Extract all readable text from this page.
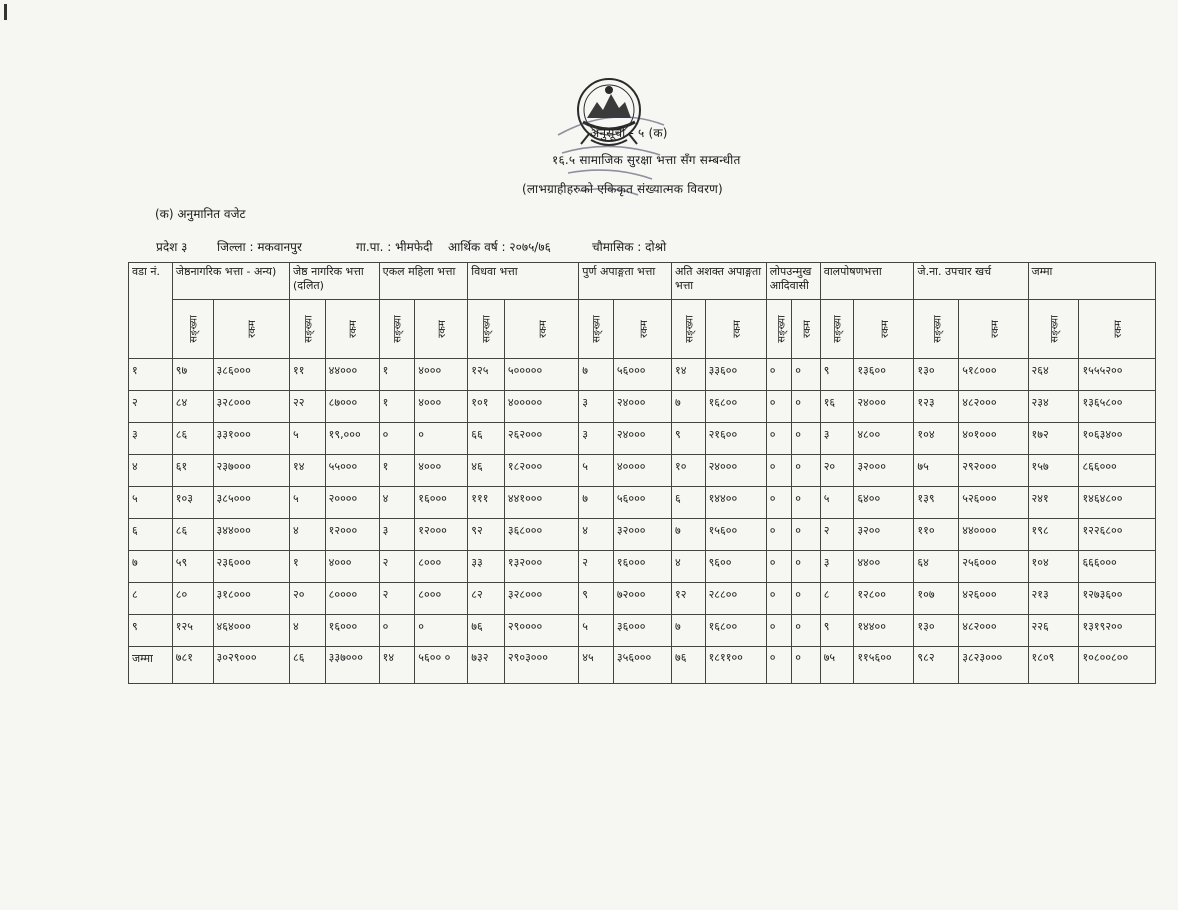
अनुसूची - ५ (क)
१६.५ सामाजिक सुरक्षा भत्ता सँग सम्बन्धीत
(लाभग्राहीहरुको एकिकृत संख्यात्मक विवरण)
(क) अनुमानित वजेट
प्रदेश ३ जिल्ला : मकवानपुर	गा.पा. : भीमफेदी आर्थिक वर्ष : २०७५/७६	चौमासिक : दोश्रो
वडा नं.	जेष्ठनागरिक भत्ता - अन्य)		जेष्ठ नागरिक भत्ता (दलित)		एकल महिला भत्ता		विधवा भत्ता		पुर्ण अपाङ्गता भत्ता		अति अशक्त अपाङ्गता भत्ता		लोपउन्मुख आदिवासी		वालपोषणभत्ता		जे.ना. उपचार खर्च		जम्मा	
	सङ्ख्या	रकम	सङ्ख्या	रकम	सङ्ख्या	रकम	सङ्ख्या	रकम	सङ्ख्या	रकम	सङ्ख्या	रकम	सङ्ख्या	रकम	सङ्ख्या	रकम	सङ्ख्या	रकम	सङ्ख्या	रकम
१	९७	३८६०००	११	४४०००	१	४०००	१२५	५०००००	७	५६०००	१४	३३६००	०	०	९	१३६००	१३०	५१८०००	२६४	१५५५२००
२	८४	३२८०००	२२	८७०००	१	४०००	१०१	४०००००	३	२४०००	७	१६८००	०	०	१६	२४०००	१२३	४८२०००	२३४	१३६५८००
३	८६	३३१०००	५	१९,०००	०	०	६६	२६२०००	३	२४०००	९	२१६००	०	०	३	४८००	१०४	४०१०००	१७२	१०६३४००
४	६१	२३७०००	१४	५५०००	१	४०००	४६	१८२०००	५	४००००	१०	२४०००	०	०	२०	३२०००	७५	२९२०००	१५७	८६६०००
५	१०३	३८५०००	५	२००००	४	१६०००	१११	४४१०००	७	५६०००	६	१४४००	०	०	५	६४००	१३९	५२६०००	२४१	१४६४८००
६	८६	३४४०००	४	१२०००	३	१२०००	९२	३६८०००	४	३२०००	७	१५६००	०	०	२	३२००	११०	४४००००	१९८	१२२६८००
७	५९	२३६०००	१	४०००	२	८०००	३३	१३२०००	२	१६०००	४	९६००	०	०	३	४४००	६४	२५६०००	१०४	६६६०००
८	८०	३१८०००	२०	८००००	२	८०००	८२	३२८०००	९	७२०००	१२	२८८००	०	०	८	१२८००	१०७	४२६०००	२१३	१२७३६००
९	१२५	४६४०००	४	१६०००	०	०	७६	२९००००	५	३६०००	७	१६८००	०	०	९	१४४००	१३०	४८२०००	२२६	१३१९२००
जम्मा	७८१	३०२९०००	८६	३३७०००	१४	५६०० ०	७३२	२९०३०००	४५	३५६०००	७६	१८११००	०	०	७५	११५६००	९८२	३८२३०००	१८०९	१०८००८००
